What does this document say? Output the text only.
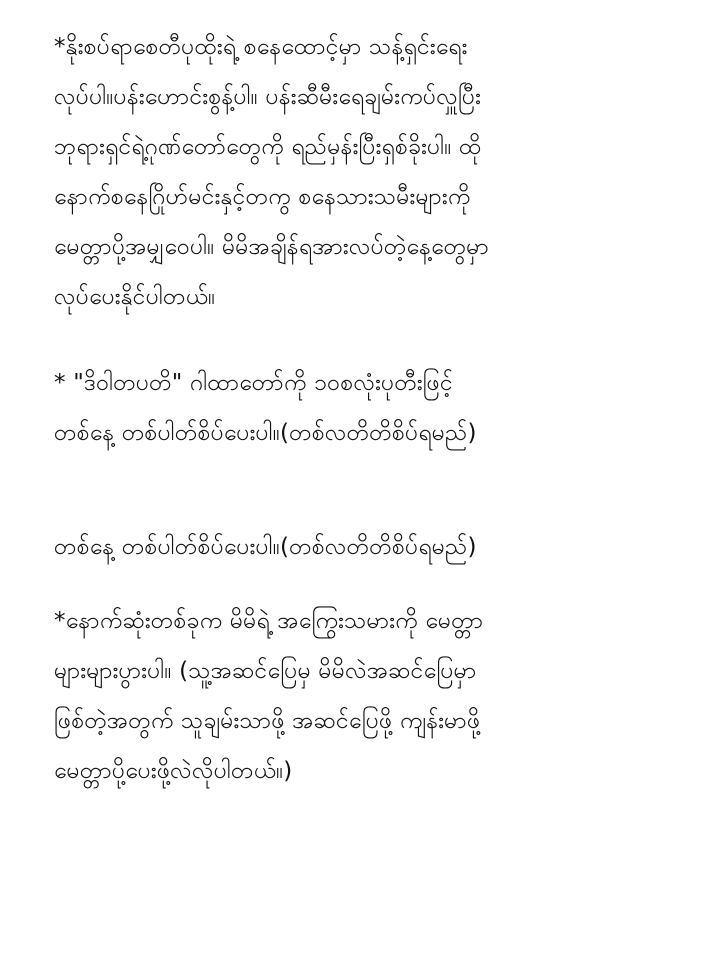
*နိုးစပ်ရာစေတီပုထိုးရဲ့ စနေထောင့်မှာ သန့်ရှင်းရေး
လုပ်ပါ။ပန်းဟောင်းစွန့်ပါ။ ပန်းဆီမီးရေချမ်းကပ်လှူပြီး
ဘုရားရှင်ရဲ့ဂုဏ်တော်တွေကို ရည်မှန်းပြီးရှစ်ခိုးပါ။ ထို
နောက်စနေဂြိုဟ်မင်းနှင့်တကွ စနေသားသမီးများကို
မေတ္တာပို့အမျှဝေပါ။ မိမိအချိန်ရအားလပ်တဲ့နေ့တွေမှာ
လုပ်ပေးနိုင်ပါတယ်။
* "ဒိဝါတပတိ" ဂါထာတော်ကို ၁၀စလုံးပုတီးဖြင့်
တစ်နေ့ တစ်ပါတ်စိပ်ပေးပါ။(တစ်လတိတိစိပ်ရမည်)
တစ်နေ့ တစ်ပါတ်စိပ်ပေးပါ။(တစ်လတိတိစိပ်ရမည်)
*နောက်ဆုံးတစ်ခုက မိမိရဲ့ အကြွေးသမားကို မေတ္တာ
များများပွားပါ။ (သူ့အဆင်ပြေမှ မိမိလဲအဆင်ပြေမှာ
ဖြစ်တဲ့အတွက် သူချမ်းသာဖို့ အဆင်ပြေဖို့ ကျန်းမာဖို့
မေတ္တာပို့ပေးဖို့လဲလိုပါတယ်။)
